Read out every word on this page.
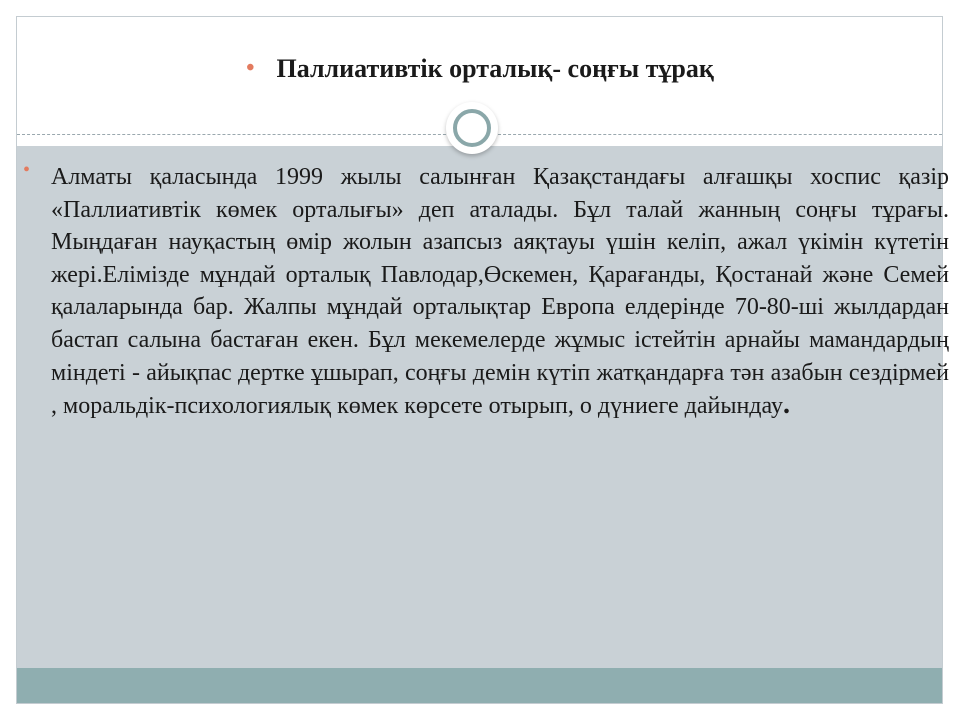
• Паллиативтік орталық- соңғы тұрақ
• Алматы қаласында 1999 жылы салынған Қазақстандағы алғашқы хоспис қазір «Паллиативтік көмек орталығы» деп аталады. Бұл талай жанның соңғы тұрағы. Мыңдаған науқастың өмір жолын азапсыз аяқтауы үшін келіп, ажал үкімін күтетін жері.Елімізде мұндай орталық Павлодар,Өскемен, Қарағанды, Қостанай және Семей қалаларында бар. Жалпы мұндай орталықтар Европа елдерінде 70-80-ші жылдардан бастап салына бастаған екен. Бұл мекемелерде жұмыс істейтін арнайы мамандардың міндеті - айықпас дертке ұшырап, соңғы демін күтіп жатқандарға тән азабын сездірмей , моральдік-психологиялық көмек көрсете отырып, о дүниеге дайындау.
